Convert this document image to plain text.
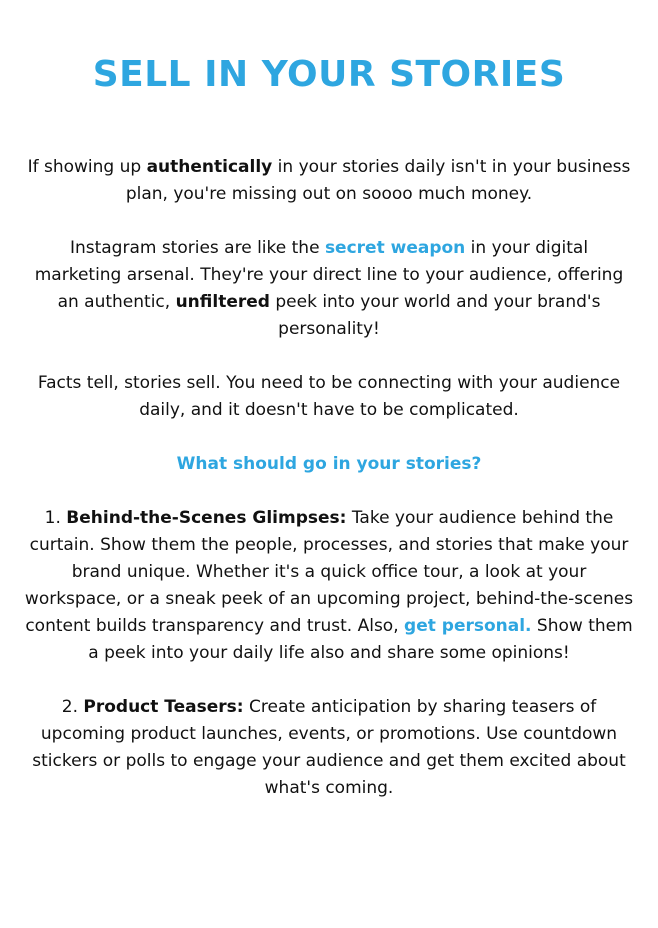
SELL IN YOUR STORIES

If showing up authentically in your stories daily isn't in your business plan, you're missing out on soooo much money.

Instagram stories are like the secret weapon in your digital marketing arsenal. They're your direct line to your audience, offering an authentic, unfiltered peek into your world and your brand's personality!

Facts tell, stories sell. You need to be connecting with your audience daily, and it doesn't have to be complicated.

What should go in your stories?

1. Behind-the-Scenes Glimpses: Take your audience behind the curtain. Show them the people, processes, and stories that make your brand unique. Whether it's a quick office tour, a look at your workspace, or a sneak peek of an upcoming project, behind-the-scenes content builds transparency and trust. Also, get personal. Show them a peek into your daily life also and share some opinions!

2. Product Teasers: Create anticipation by sharing teasers of upcoming product launches, events, or promotions. Use countdown stickers or polls to engage your audience and get them excited about what's coming.
